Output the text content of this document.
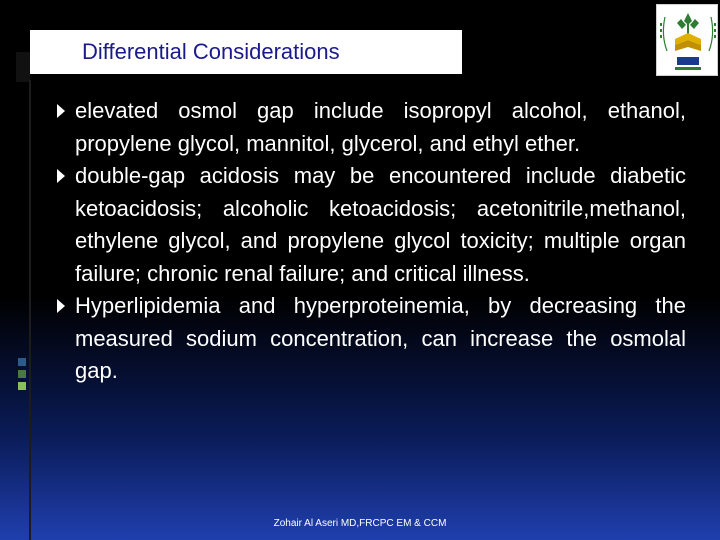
Differential Considerations
elevated osmol gap include isopropyl alcohol, ethanol, propylene glycol, mannitol, glycerol, and ethyl ether.
double-gap acidosis may be encountered include diabetic ketoacidosis; alcoholic ketoacidosis; acetonitrile,methanol, ethylene glycol, and propylene glycol toxicity; multiple organ failure; chronic renal failure; and critical illness.
Hyperlipidemia and hyperproteinemia, by decreasing the measured sodium concentration, can increase the osmolal gap.
Zohair Al Aseri MD,FRCPC EM & CCM
